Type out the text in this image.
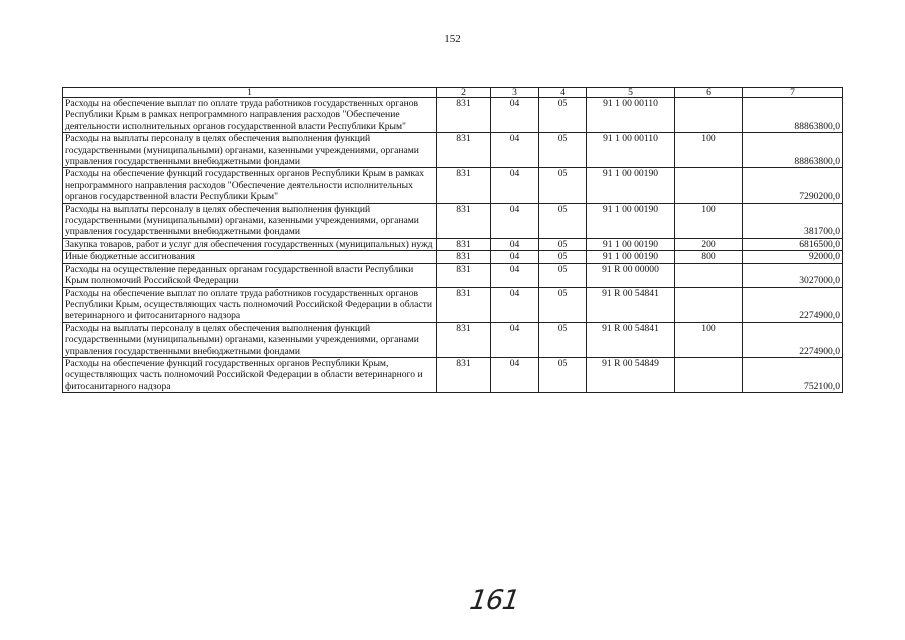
152
1	2	3	4	5	6	7
Расходы на обеспечение выплат по оплате труда работников государственных органов Республики Крым в рамках непрограммного направления расходов "Обеспечение деятельности исполнительных органов государственной власти Республики Крым"	831	04	05	91 1 00 00110		88863800,0
Расходы на выплаты персоналу в целях обеспечения выполнения функций государственными (муниципальными) органами, казенными учреждениями, органами управления государственными внебюджетными фондами	831	04	05	91 1 00 00110	100	88863800,0
Расходы на обеспечение функций государственных органов Республики Крым в рамках непрограммного направления расходов "Обеспечение деятельности исполнительных органов государственной власти Республики Крым"	831	04	05	91 1 00 00190		7290200,0
Расходы на выплаты персоналу в целях обеспечения выполнения функций государственными (муниципальными) органами, казенными учреждениями, органами управления государственными внебюджетными фондами	831	04	05	91 1 00 00190	100	381700,0
Закупка товаров, работ и услуг для обеспечения государственных (муниципальных) нужд	831	04	05	91 1 00 00190	200	6816500,0
Иные бюджетные ассигнования	831	04	05	91 1 00 00190	800	92000,0
Расходы на осуществление переданных органам государственной власти Республики Крым полномочий Российской Федерации	831	04	05	91 R 00 00000		3027000,0
Расходы на обеспечение выплат по оплате труда работников государственных органов Республики Крым, осуществляющих часть полномочий Российской Федерации в области ветеринарного и фитосанитарного надзора	831	04	05	91 R 00 54841		2274900,0
Расходы на выплаты персоналу в целях обеспечения выполнения функций государственными (муниципальными) органами, казенными учреждениями, органами управления государственными внебюджетными фондами	831	04	05	91 R 00 54841	100	2274900,0
Расходы на обеспечение функций государственных органов Республики Крым, осуществляющих часть полномочий Российской Федерации в области ветеринарного и фитосанитарного надзора	831	04	05	91 R 00 54849		752100,0
161
